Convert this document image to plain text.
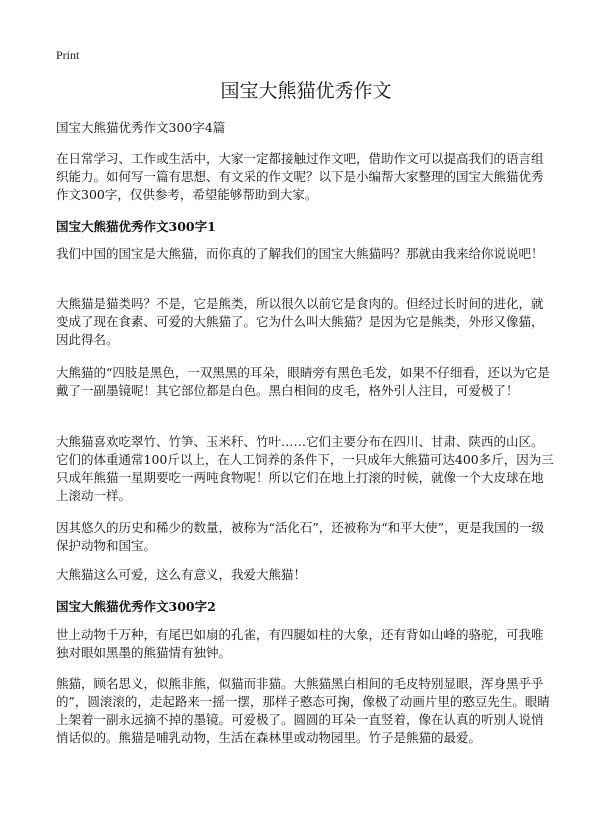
Print
国宝大熊猫优秀作文
国宝大熊猫优秀作文300字4篇

在日常学习、工作或生活中，大家一定都接触过作文吧，借助作文可以提高我们的语言组织能力。如何写一篇有思想、有文采的作文呢？以下是小编帮大家整理的国宝大熊猫优秀作文300字，仅供参考，希望能够帮助到大家。

国宝大熊猫优秀作文300字1

我们中国的国宝是大熊猫，而你真的了解我们的国宝大熊猫吗？那就由我来给你说说吧！

大熊猫是猫类吗？不是，它是熊类，所以很久以前它是食肉的。但经过长时间的进化，就变成了现在食素、可爱的大熊猫了。它为什么叫大熊猫？是因为它是熊类，外形又像猫，因此得名。

大熊猫的“四肢是黑色，一双黑黑的耳朵，眼睛旁有黑色毛发，如果不仔细看，还以为它是戴了一副墨镜呢！其它部位都是白色。黑白相间的皮毛，格外引人注目，可爱极了！

大熊猫喜欢吃翠竹、竹笋、玉米秆、竹叶……它们主要分布在四川、甘肃、陕西的山区。它们的体重通常100斤以上，在人工饲养的条件下，一只成年大熊猫可达400多斤，因为三只成年熊猫一星期要吃一两吨食物呢！所以它们在地上打滚的时候，就像一个大皮球在地上滚动一样。

因其悠久的历史和稀少的数量，被称为“活化石”，还被称为“和平大使”，更是我国的一级保护动物和国宝。

大熊猫这么可爱，这么有意义，我爱大熊猫！

国宝大熊猫优秀作文300字2

世上动物千万种，有尾巴如扇的孔雀，有四腿如柱的大象，还有背如山峰的骆驼，可我唯独对眼如黑墨的熊猫情有独钟。

熊猫，顾名思义，似熊非熊，似猫而非猫。大熊猫黑白相间的毛皮特别显眼，浑身黑乎乎的”，圆滚滚的，走起路来一摇一摆，那样子憨态可掬，像极了动画片里的憨豆先生。眼睛上架着一副永远摘不掉的墨镜。可爱极了。圆圆的耳朵一直竖着，像在认真的听别人说悄悄话似的。熊猫是哺乳动物，生活在森林里或动物园里。竹子是熊猫的最爱。
